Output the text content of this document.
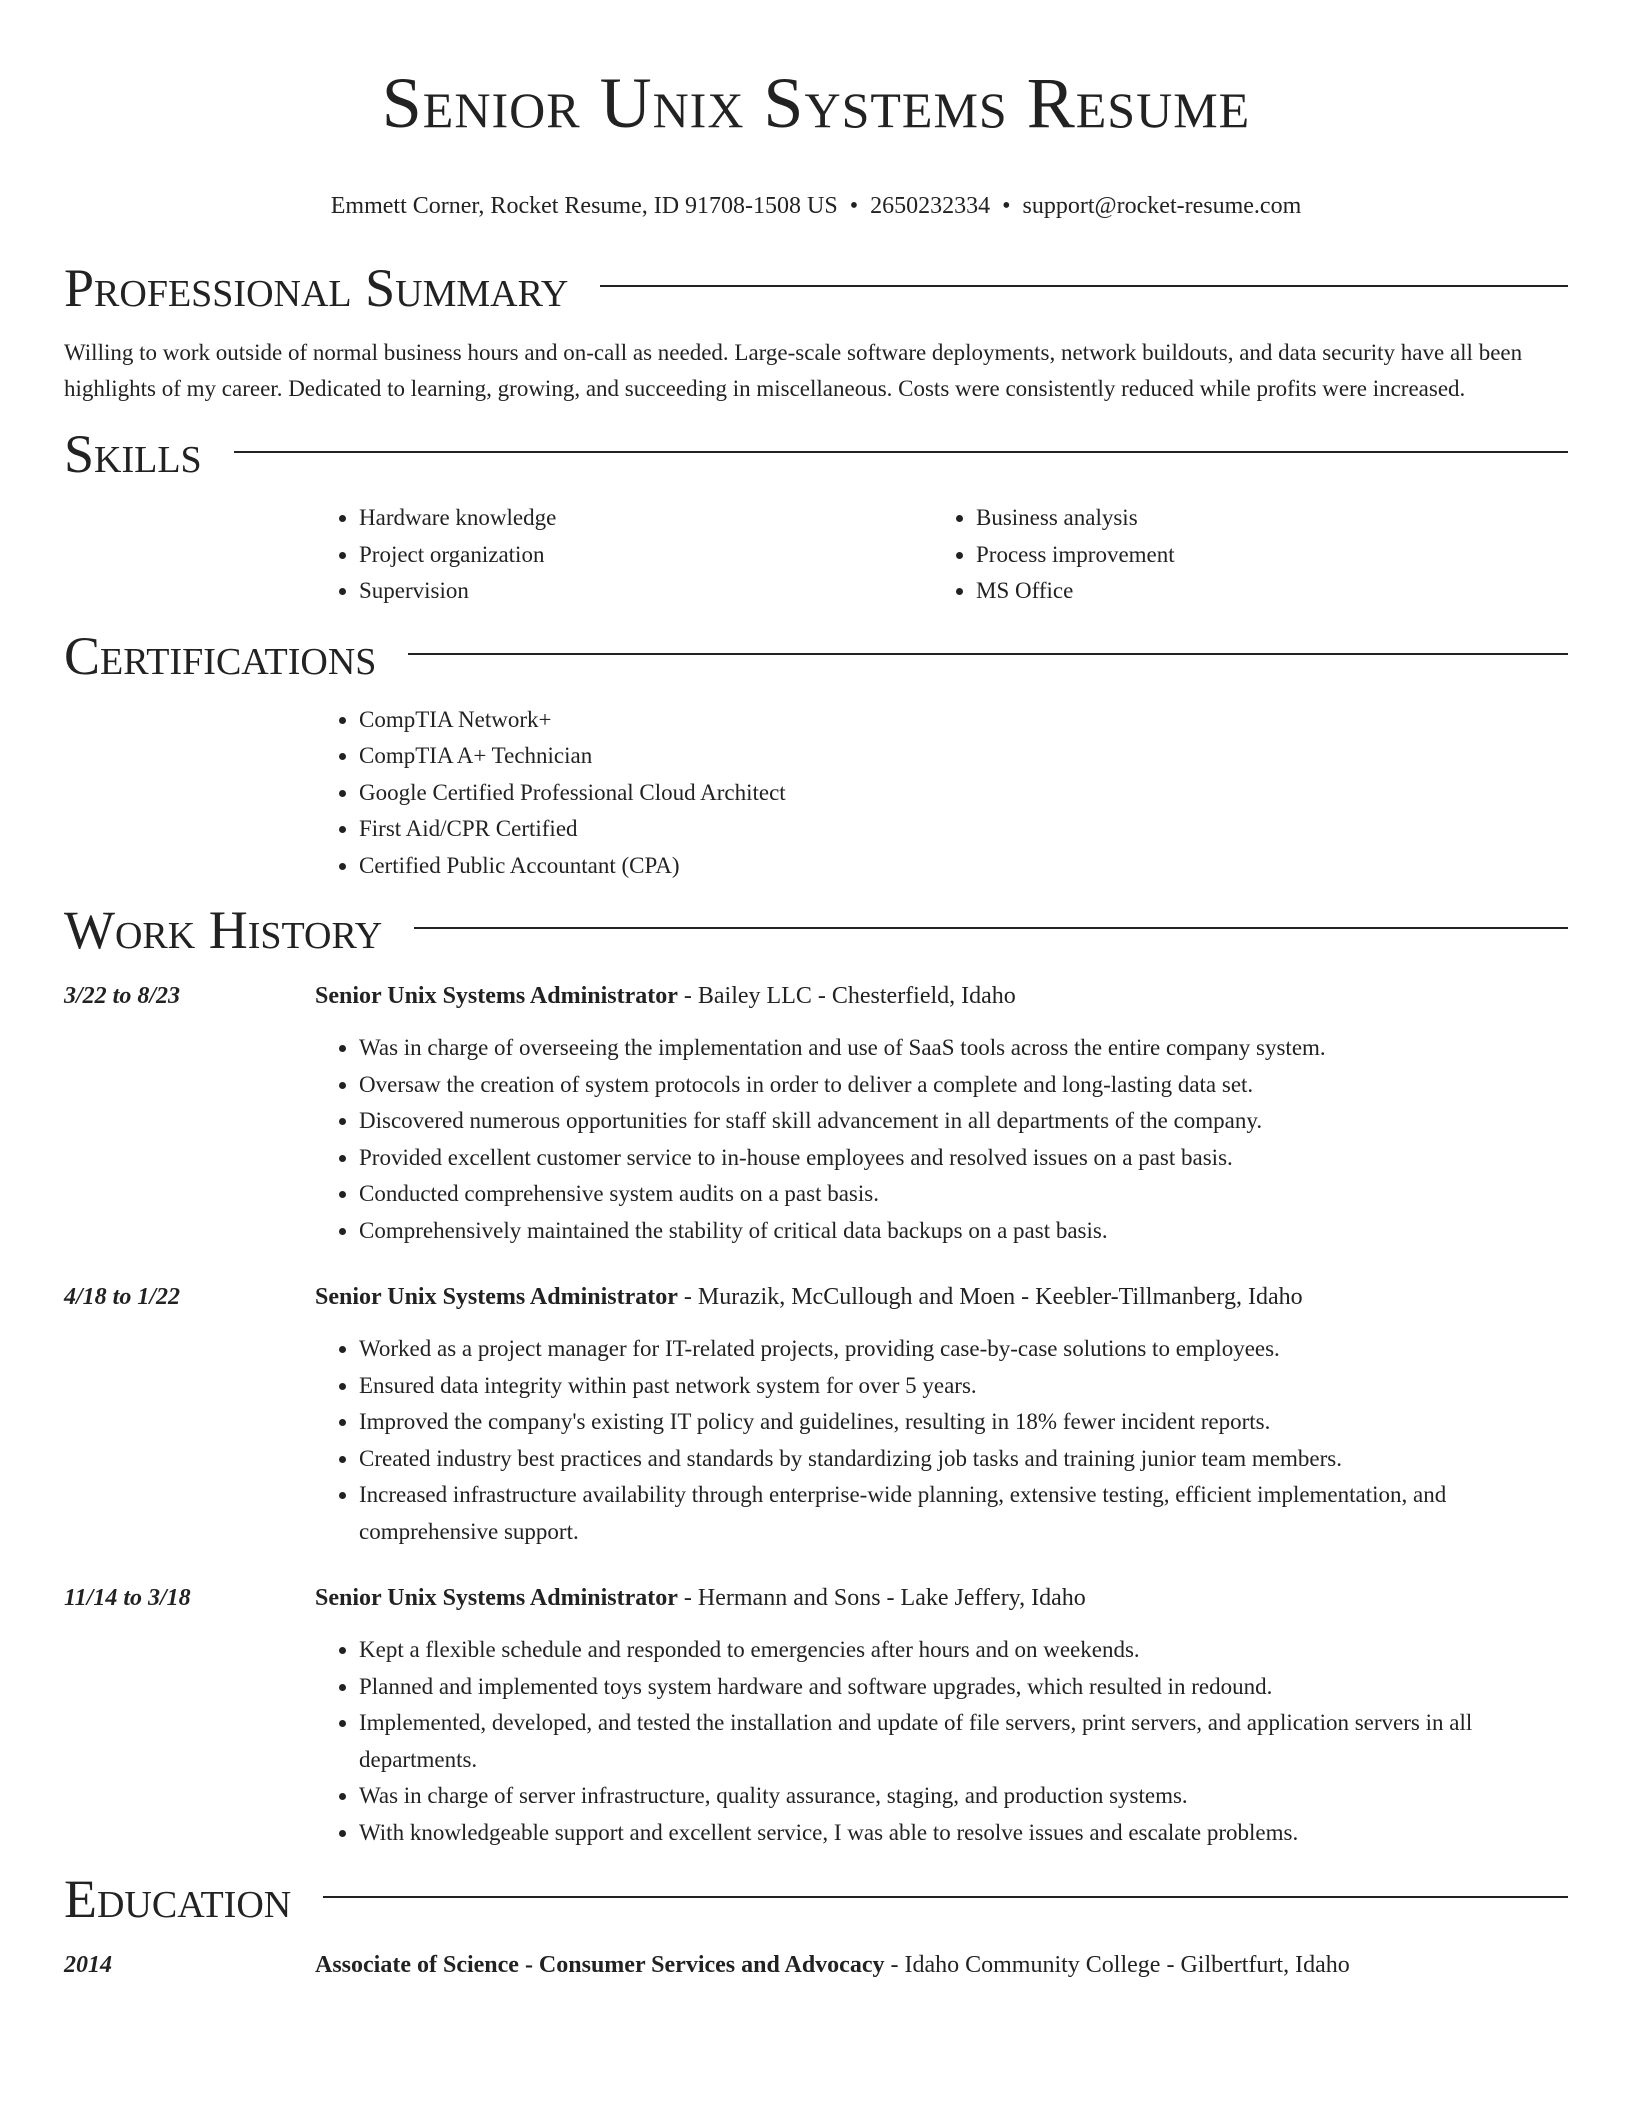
Senior Unix Systems Resume
Emmett Corner, Rocket Resume, ID 91708-1508 US • 2650232334 • support@rocket-resume.com
Professional Summary

Willing to work outside of normal business hours and on-call as needed. Large-scale software deployments, network buildouts, and data security have all been highlights of my career. Dedicated to learning, growing, and succeeding in miscellaneous. Costs were consistently reduced while profits were increased.

Skills
• Hardware knowledge
• Project organization
• Supervision
• Business analysis
• Process improvement
• MS Office
Certifications
• CompTIA Network+
• CompTIA A+ Technician
• Google Certified Professional Cloud Architect
• First Aid/CPR Certified
• Certified Public Accountant (CPA)
Work History
3/22 to 8/23	Senior Unix Systems Administrator - Bailey LLC - Chesterfield, Idaho
• Was in charge of overseeing the implementation and use of SaaS tools across the entire company system.
• Oversaw the creation of system protocols in order to deliver a complete and long-lasting data set.
• Discovered numerous opportunities for staff skill advancement in all departments of the company.
• Provided excellent customer service to in-house employees and resolved issues on a past basis.
• Conducted comprehensive system audits on a past basis.
• Comprehensively maintained the stability of critical data backups on a past basis.
4/18 to 1/22	Senior Unix Systems Administrator - Murazik, McCullough and Moen - Keebler-Tillmanberg, Idaho
• Worked as a project manager for IT-related projects, providing case-by-case solutions to employees.
• Ensured data integrity within past network system for over 5 years.
• Improved the company's existing IT policy and guidelines, resulting in 18% fewer incident reports.
• Created industry best practices and standards by standardizing job tasks and training junior team members.
• Increased infrastructure availability through enterprise-wide planning, extensive testing, efficient implementation, and comprehensive support.
11/14 to 3/18	Senior Unix Systems Administrator - Hermann and Sons - Lake Jeffery, Idaho
• Kept a flexible schedule and responded to emergencies after hours and on weekends.
• Planned and implemented toys system hardware and software upgrades, which resulted in redound.
• Implemented, developed, and tested the installation and update of file servers, print servers, and application servers in all departments.
• Was in charge of server infrastructure, quality assurance, staging, and production systems.
• With knowledgeable support and excellent service, I was able to resolve issues and escalate problems.
Education
2014	Associate of Science - Consumer Services and Advocacy - Idaho Community College - Gilbertfurt, Idaho
